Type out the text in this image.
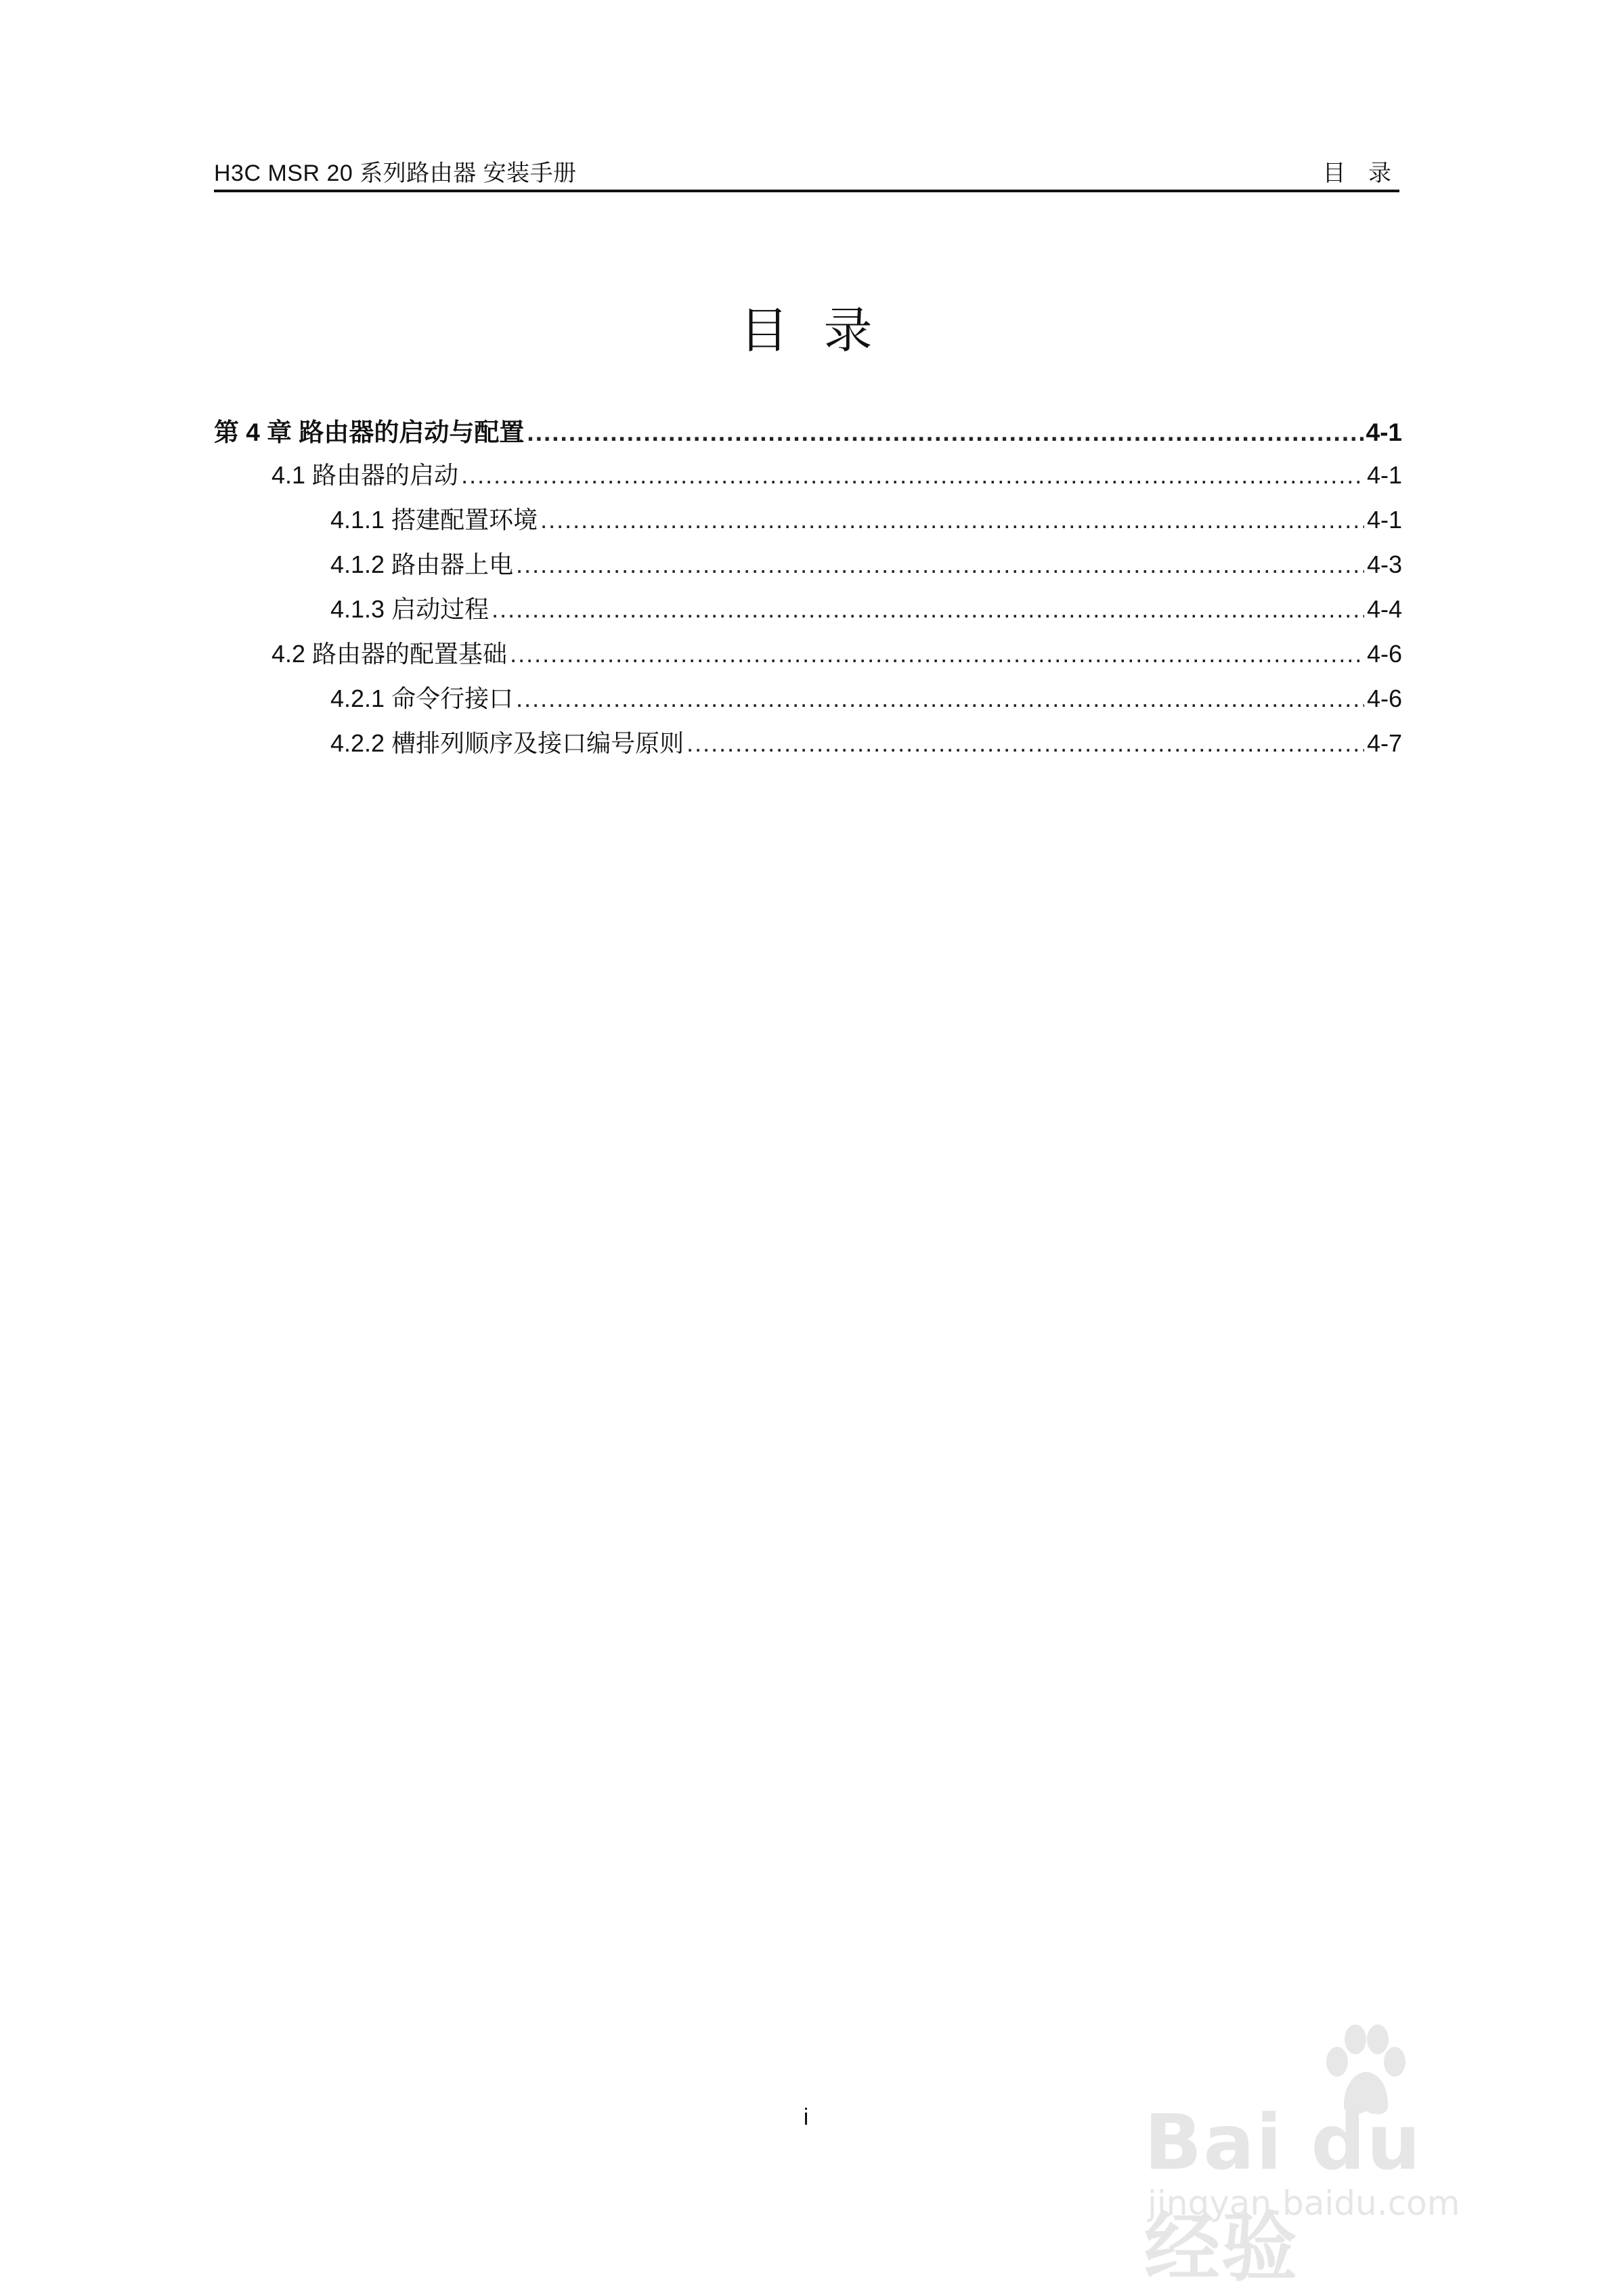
H3C MSR 20 系列路由器 安装手册	目 录
目录
第 4 章 路由器的启动与配置 .....	4-1
4.1 路由器的启动 .....	4-1
4.1.1 搭建配置环境 .....	4-1
4.1.2 路由器上电 .....	4-3
4.1.3 启动过程 .....	4-4
4.2 路由器的配置基础 .....	4-6
4.2.1 命令行接口 .....	4-6
4.2.2 槽排列顺序及接口编号原则 .....	4-7
i	Bai du 经验
jingyan.baidu.com
